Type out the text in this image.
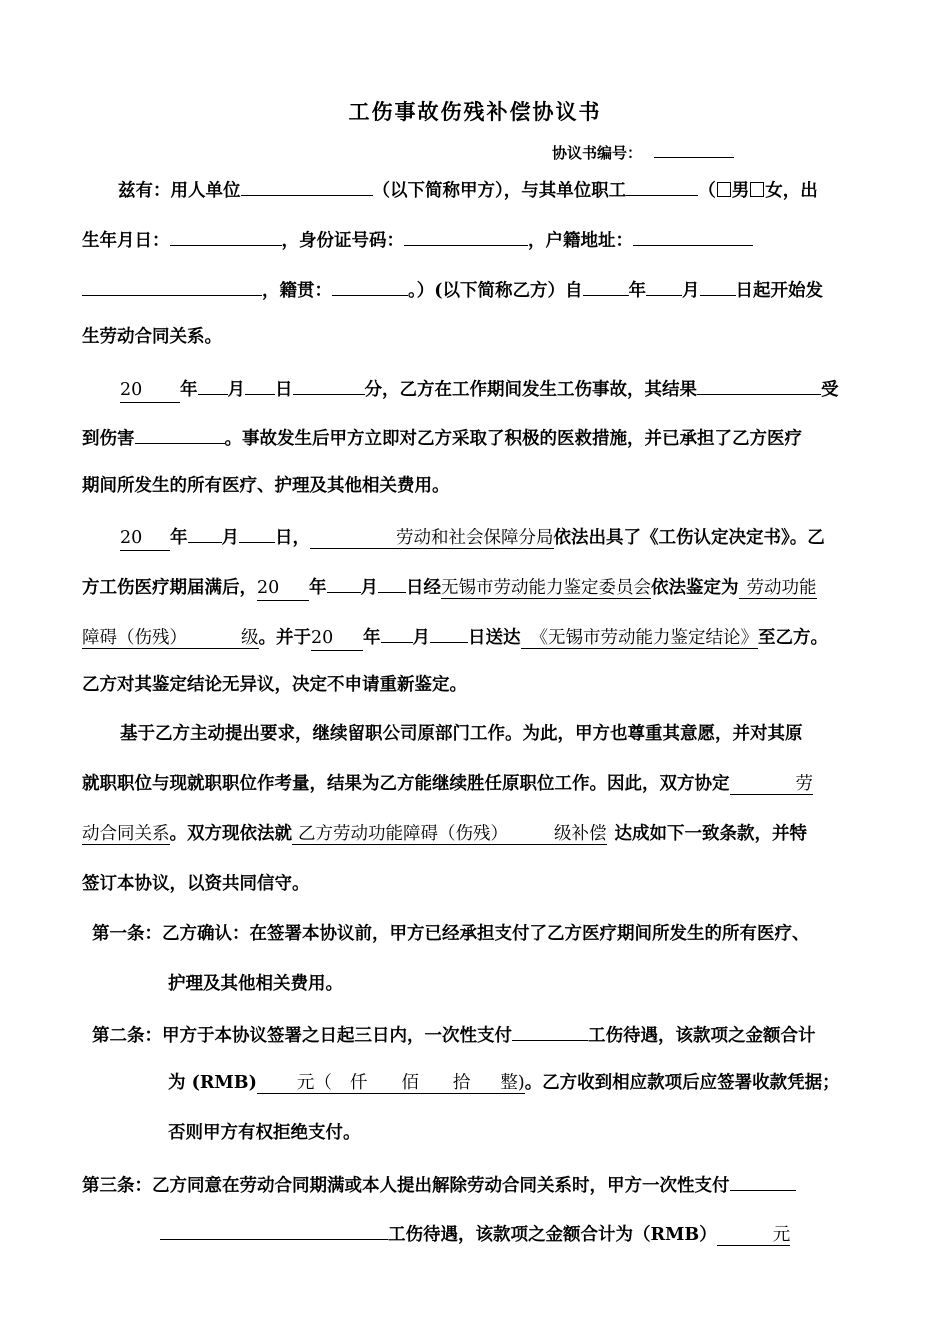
工伤事故伤残补偿协议书
协议书编号：
兹有：用人单位	（以下简称甲方），与其单位职工	（ 男 女，出
生年月日：	，身份证号码：	，户籍地址：
，籍贯：	。）(以下简称乙方）自	年 月 日起开始发
生劳动合同关系。
20 年 月 日	分，乙方在工作期间发生工伤事故，其结果	受
到伤害	。事故发生后甲方立即对乙方采取了积极的医救措施，并已承担了乙方医疗
期间所发生的所有医疗、护理及其他相关费用。
20 年 月 日，	劳动和社会保障分局依法出具了《工伤认定决定书》。乙
方工伤医疗期届满后，20 年 月 日经无锡市劳动能力鉴定委员会依法鉴定为 劳动功能
障碍（伤残）	级。并于20 年 月 日送达 《无锡市劳动能力鉴定结论》至乙方。
乙方对其鉴定结论无异议，决定不申请重新鉴定。
基于乙方主动提出要求，继续留职公司原部门工作。为此，甲方也尊重其意愿，并对其原
就职职位与现就职职位作考量，结果为乙方能继续胜任原职位工作。因此，双方协定	劳
动合同关系。双方现依法就 乙方劳动功能障碍（伤残）	级补偿 达成如下一致条款，并特
签订本协议，以资共同信守。
第一条：乙方确认：在签署本协议前，甲方已经承担支付了乙方医疗期间所发生的所有医疗、
护理及其他相关费用。
第二条：甲方于本协议签署之日起三日内，一次性支付	工伤待遇，该款项之金额合计
为 (RMB) 元（ 仟 佰 拾 整)。乙方收到相应款项后应签署收款凭据；
否则甲方有权拒绝支付。
第三条：乙方同意在劳动合同期满或本人提出解除劳动合同关系时，甲方一次性支付
工伤待遇，该款项之金额合计为（RMB）	元
